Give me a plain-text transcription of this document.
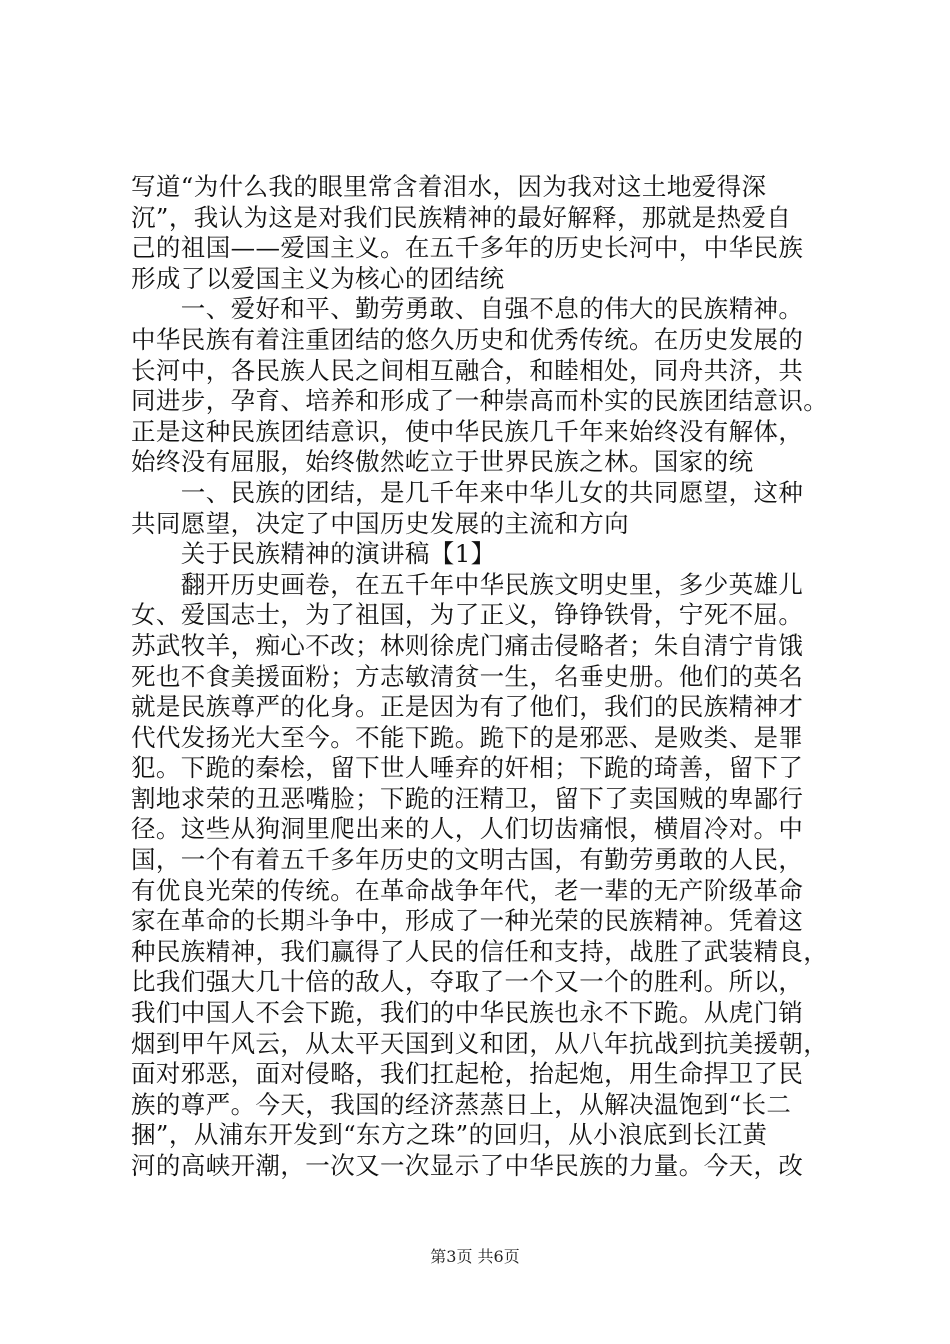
写道“为什么我的眼里常含着泪水，因为我对这土地爱得深
沉”，我认为这是对我们民族精神的最好解释，那就是热爱自
己的祖国——爱国主义。在五千多年的历史长河中，中华民族
形成了以爱国主义为核心的团结统
　　一、爱好和平、勤劳勇敢、自强不息的伟大的民族精神。
中华民族有着注重团结的悠久历史和优秀传统。在历史发展的
长河中，各民族人民之间相互融合，和睦相处，同舟共济，共
同进步，孕育、培养和形成了一种崇高而朴实的民族团结意识。
正是这种民族团结意识，使中华民族几千年来始终没有解体，
始终没有屈服，始终傲然屹立于世界民族之林。国家的统
　　一、民族的团结，是几千年来中华儿女的共同愿望，这种
共同愿望，决定了中国历史发展的主流和方向
　　关于民族精神的演讲稿【1】
　　翻开历史画卷，在五千年中华民族文明史里，多少英雄儿
女、爱国志士，为了祖国，为了正义，铮铮铁骨，宁死不屈。
苏武牧羊，痴心不改；林则徐虎门痛击侵略者；朱自清宁肯饿
死也不食美援面粉；方志敏清贫一生，名垂史册。他们的英名
就是民族尊严的化身。正是因为有了他们，我们的民族精神才
代代发扬光大至今。不能下跪。跪下的是邪恶、是败类、是罪
犯。下跪的秦桧，留下世人唾弃的奸相；下跪的琦善，留下了
割地求荣的丑恶嘴脸；下跪的汪精卫，留下了卖国贼的卑鄙行
径。这些从狗洞里爬出来的人，人们切齿痛恨，横眉冷对。中
国，一个有着五千多年历史的文明古国，有勤劳勇敢的人民，
有优良光荣的传统。在革命战争年代，老一辈的无产阶级革命
家在革命的长期斗争中，形成了一种光荣的民族精神。凭着这
种民族精神，我们赢得了人民的信任和支持，战胜了武装精良，
比我们强大几十倍的敌人，夺取了一个又一个的胜利。所以，
我们中国人不会下跪，我们的中华民族也永不下跪。从虎门销
烟到甲午风云，从太平天国到义和团，从八年抗战到抗美援朝，
面对邪恶，面对侵略，我们扛起枪，抬起炮，用生命捍卫了民
族的尊严。今天，我国的经济蒸蒸日上，从解决温饱到“长二
捆”，从浦东开发到“东方之珠”的回归，从小浪底到长江黄
河的高峡开潮，一次又一次显示了中华民族的力量。今天，改
第3页 共6页
